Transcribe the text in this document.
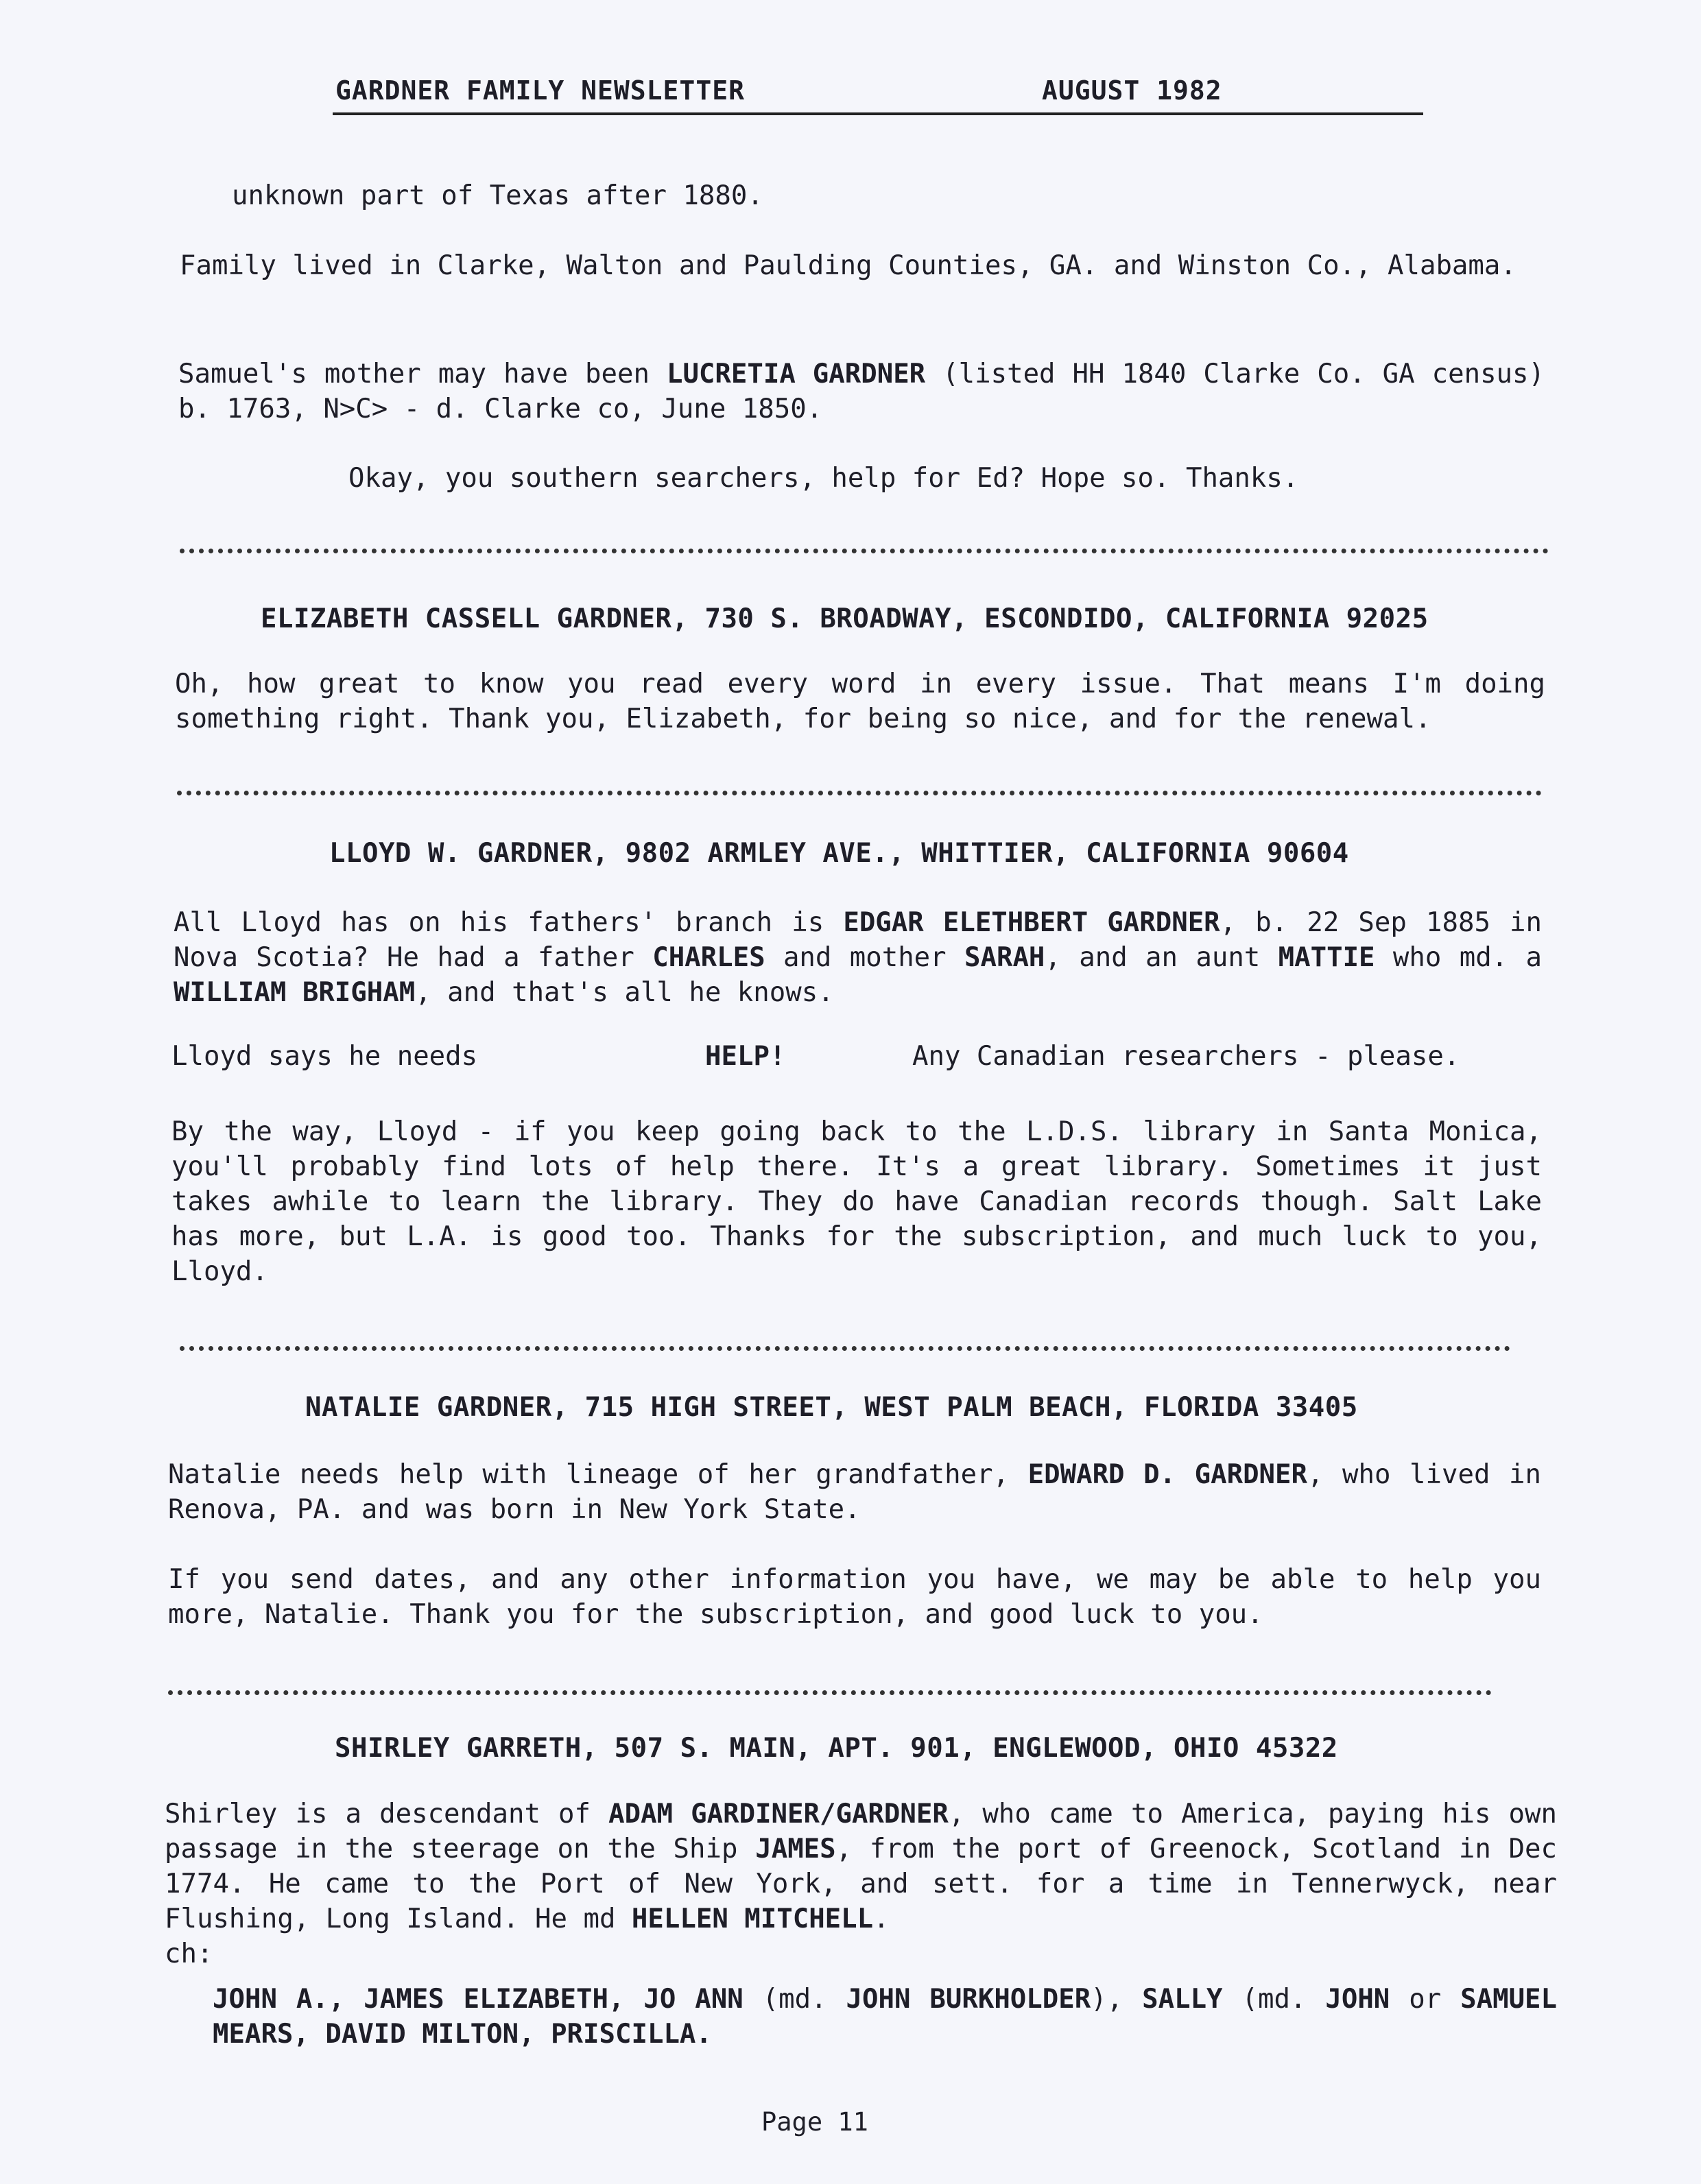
GARDNER FAMILY NEWSLETTER	AUGUST 1982
unknown part of Texas after 1880.
Family lived in Clarke, Walton and Paulding Counties, GA. and Winston Co., Alabama.
Samuel's mother may have been LUCRETIA GARDNER (listed HH 1840 Clarke Co. GA census) b. 1763, N>C> - d. Clarke co, June 1850.
Okay, you southern searchers, help for Ed? Hope so. Thanks.
ELIZABETH CASSELL GARDNER, 730 S. BROADWAY, ESCONDIDO, CALIFORNIA 92025
Oh, how great to know you read every word in every issue. That means I'm doing something right. Thank you, Elizabeth, for being so nice, and for the renewal.
LLOYD W. GARDNER, 9802 ARMLEY AVE., WHITTIER, CALIFORNIA 90604
All Lloyd has on his fathers' branch is EDGAR ELETHBERT GARDNER, b. 22 Sep 1885 in Nova Scotia? He had a father CHARLES and mother SARAH, and an aunt MATTIE who md. a WILLIAM BRIGHAM, and that's all he knows.
Lloyd says he needs	HELP!	Any Canadian researchers - please.
By the way, Lloyd - if you keep going back to the L.D.S. library in Santa Monica, you'll probably find lots of help there. It's a great library. Sometimes it just takes awhile to learn the library. They do have Canadian records though. Salt Lake has more, but L.A. is good too. Thanks for the subscription, and much luck to you, Lloyd.
NATALIE GARDNER, 715 HIGH STREET, WEST PALM BEACH, FLORIDA 33405
Natalie needs help with lineage of her grandfather, EDWARD D. GARDNER, who lived in Renova, PA. and was born in New York State.
If you send dates, and any other information you have, we may be able to help you more, Natalie. Thank you for the subscription, and good luck to you.
SHIRLEY GARRETH, 507 S. MAIN, APT. 901, ENGLEWOOD, OHIO 45322
Shirley is a descendant of ADAM GARDINER/GARDNER, who came to America, paying his own passage in the steerage on the Ship JAMES, from the port of Greenock, Scotland in Dec 1774. He came to the Port of New York, and sett. for a time in Tennerwyck, near Flushing, Long Island. He md HELLEN MITCHELL.
ch:
JOHN A., JAMES ELIZABETH, JO ANN (md. JOHN BURKHOLDER), SALLY (md. JOHN or SAMUEL MEARS, DAVID MILTON, PRISCILLA.
Page 11
